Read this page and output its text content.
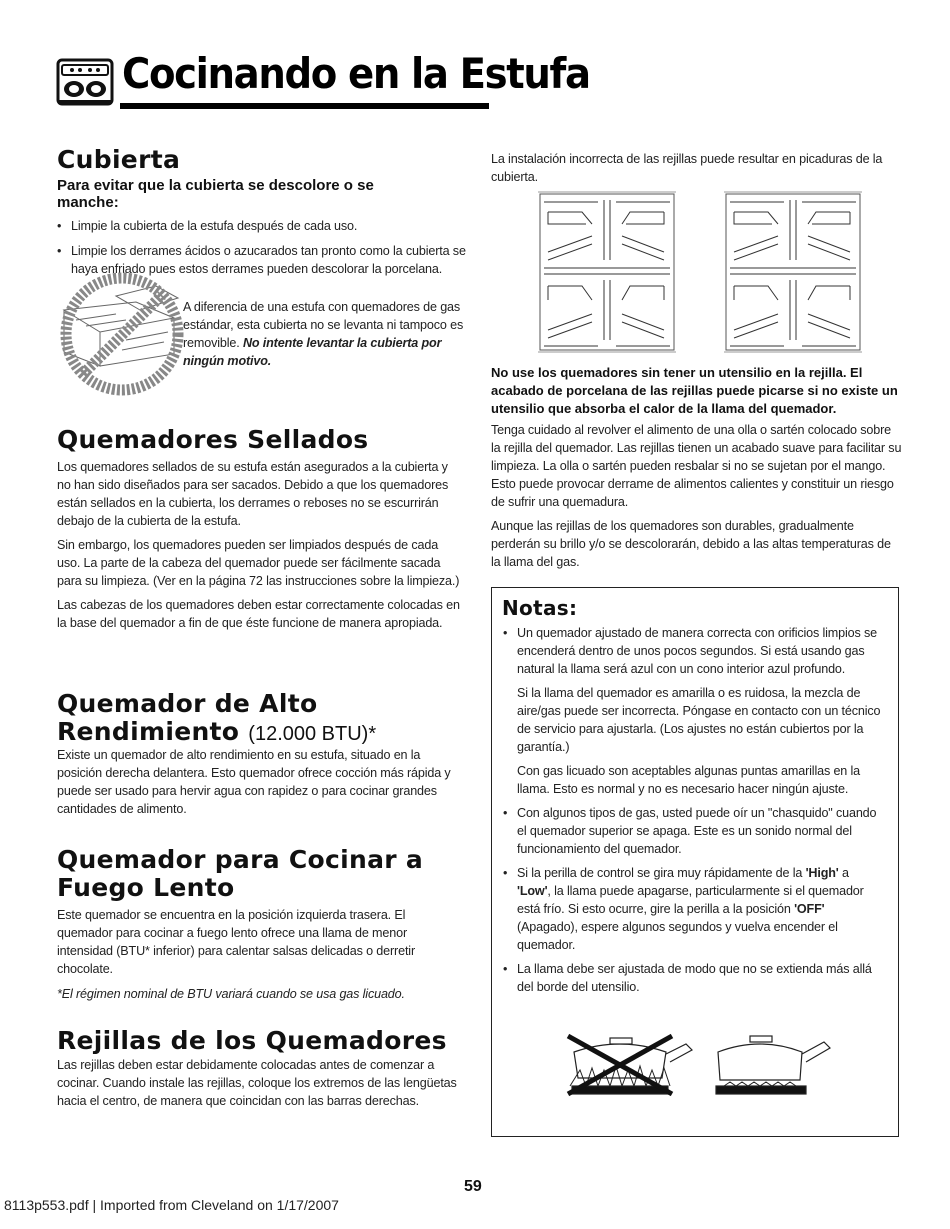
Cocinando en la Estufa
Cubierta
Para evitar que la cubierta se descolore o se manche:
• Limpie la cubierta de la estufa después de cada uso.
• Limpie los derrames ácidos o azucarados tan pronto como la cubierta se haya enfriado pues estos derrames pueden descolorar la porcelana.
A diferencia de una estufa con quemadores de gas estándar, esta cubierta no se levanta ni tampoco es removible. No intente levantar la cubierta por ningún motivo.
Quemadores Sellados

Los quemadores sellados de su estufa están asegurados a la cubierta y no han sido diseñados para ser sacados. Debido a que los quemadores están sellados en la cubierta, los derrames o reboses no se escurrirán debajo de la cubierta de la estufa.

Sin embargo, los quemadores pueden ser limpiados después de cada uso. La parte de la cabeza del quemador puede ser fácilmente sacada para su limpieza. (Ver en la página 72 las instrucciones sobre la limpieza.)

Las cabezas de los quemadores deben estar correctamente colocadas en la base del quemador a fin de que éste funcione de manera apropiada.

Quemador de Alto
Rendimiento (12.000 BTU)*
Existe un quemador de alto rendimiento en su estufa, situado en la posición derecha delantera. Esto quemador ofrece cocción más rápida y puede ser usado para hervir agua con rapidez o para cocinar grandes cantidades de alimento.
Quemador para Cocinar a
Fuego Lento
Este quemador se encuentra en la posición izquierda trasera. El quemador para cocinar a fuego lento ofrece una llama de menor intensidad (BTU* inferior) para calentar salsas delicadas o derretir chocolate.
*El régimen nominal de BTU variará cuando se usa gas licuado.
Rejillas de los Quemadores
Las rejillas deben estar debidamente colocadas antes de comenzar a cocinar. Cuando instale las rejillas, coloque los extremos de las lengüetas hacia el centro, de manera que coincidan con las barras derechas.
La instalación incorrecta de las rejillas puede resultar en picaduras de la cubierta.
No use los quemadores sin tener un utensilio en la rejilla. El acabado de porcelana de las rejillas puede picarse si no existe un utensilio que absorba el calor de la llama del quemador.
Tenga cuidado al revolver el alimento de una olla o sartén colocado sobre la rejilla del quemador. Las rejillas tienen un acabado suave para facilitar su limpieza. La olla o sartén pueden resbalar si no se sujetan por el mango. Esto puede provocar derrame de alimentos calientes y constituir un riesgo de sufrir una quemadura.
Aunque las rejillas de los quemadores son durables, gradualmente perderán su brillo y/o se descolorarán, debido a las altas temperaturas de la llama del gas.
Notas:

• Un quemador ajustado de manera correcta con orificios limpios se encenderá dentro de unos pocos segundos. Si está usando gas natural la llama será azul con un cono interior azul profundo.

Si la llama del quemador es amarilla o es ruidosa, la mezcla de aire/gas puede ser incorrecta. Póngase en contacto con un técnico de servicio para ajustarla. (Los ajustes no están cubiertos por la garantía.)

Con gas licuado son aceptables algunas puntas amarillas en la llama. Esto es normal y no es necesario hacer ningún ajuste.

• Con algunos tipos de gas, usted puede oír un "chasquido" cuando el quemador superior se apaga. Este es un sonido normal del funcionamiento del quemador.

• Si la perilla de control se gira muy rápidamente de la 'High' a 'Low', la llama puede apagarse, particularmente si el quemador está frío. Si esto ocurre, gire la perilla a la posición 'OFF' (Apagado), espere algunos segundos y vuelva encender el quemador.

• La llama debe ser ajustada de modo que no se extienda más allá del borde del utensilio.

59
8113p553.pdf | Imported from Cleveland on 1/17/2007
